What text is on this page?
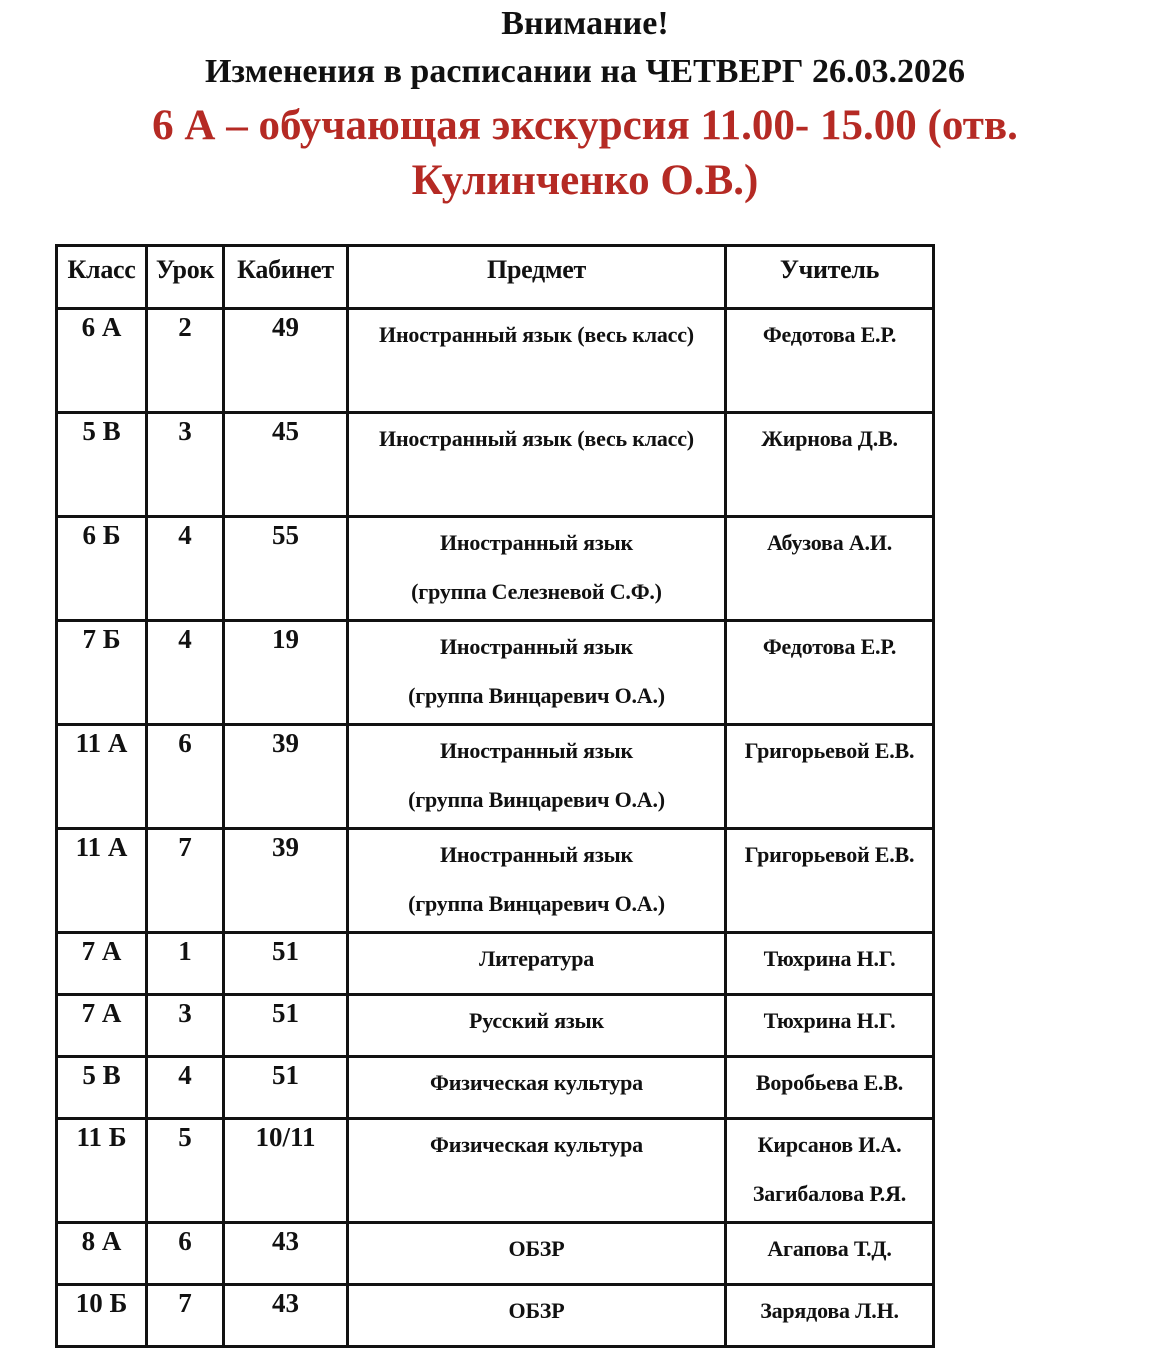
Внимание!
Изменения в расписании на ЧЕТВЕРГ 26.03.2026
6 А – обучающая экскурсия 11.00- 15.00 (отв.
Кулинченко О.В.)
Класс	Урок	Кабинет	Предмет	Учитель
6 А	2	49	Иностранный язык (весь класс)	Федотова Е.Р.

5 В	3	45	Иностранный язык (весь класс)	Жирнова Д.В.

6 Б	4	55	Иностранный язык
(группа Селезневой С.Ф.)	Абузова А.И.

7 Б	4	19	Иностранный язык
(группа Винцаревич О.А.)	Федотова Е.Р.

11 А	6	39	Иностранный язык
(группа Винцаревич О.А.)	Григорьевой Е.В.

11 А	7	39	Иностранный язык
(группа Винцаревич О.А.)	Григорьевой Е.В.

7 А	1	51	Литература	Тюхрина Н.Г.

7 А	3	51	Русский язык	Тюхрина Н.Г.

5 В	4	51	Физическая культура	Воробьева Е.В.

11 Б	5	10/11	Физическая культура	Кирсанов И.А.
Загибалова Р.Я.

8 А	6	43	ОБЗР	Агапова Т.Д.

10 Б	7	43	ОБЗР	Зарядова Л.Н.
